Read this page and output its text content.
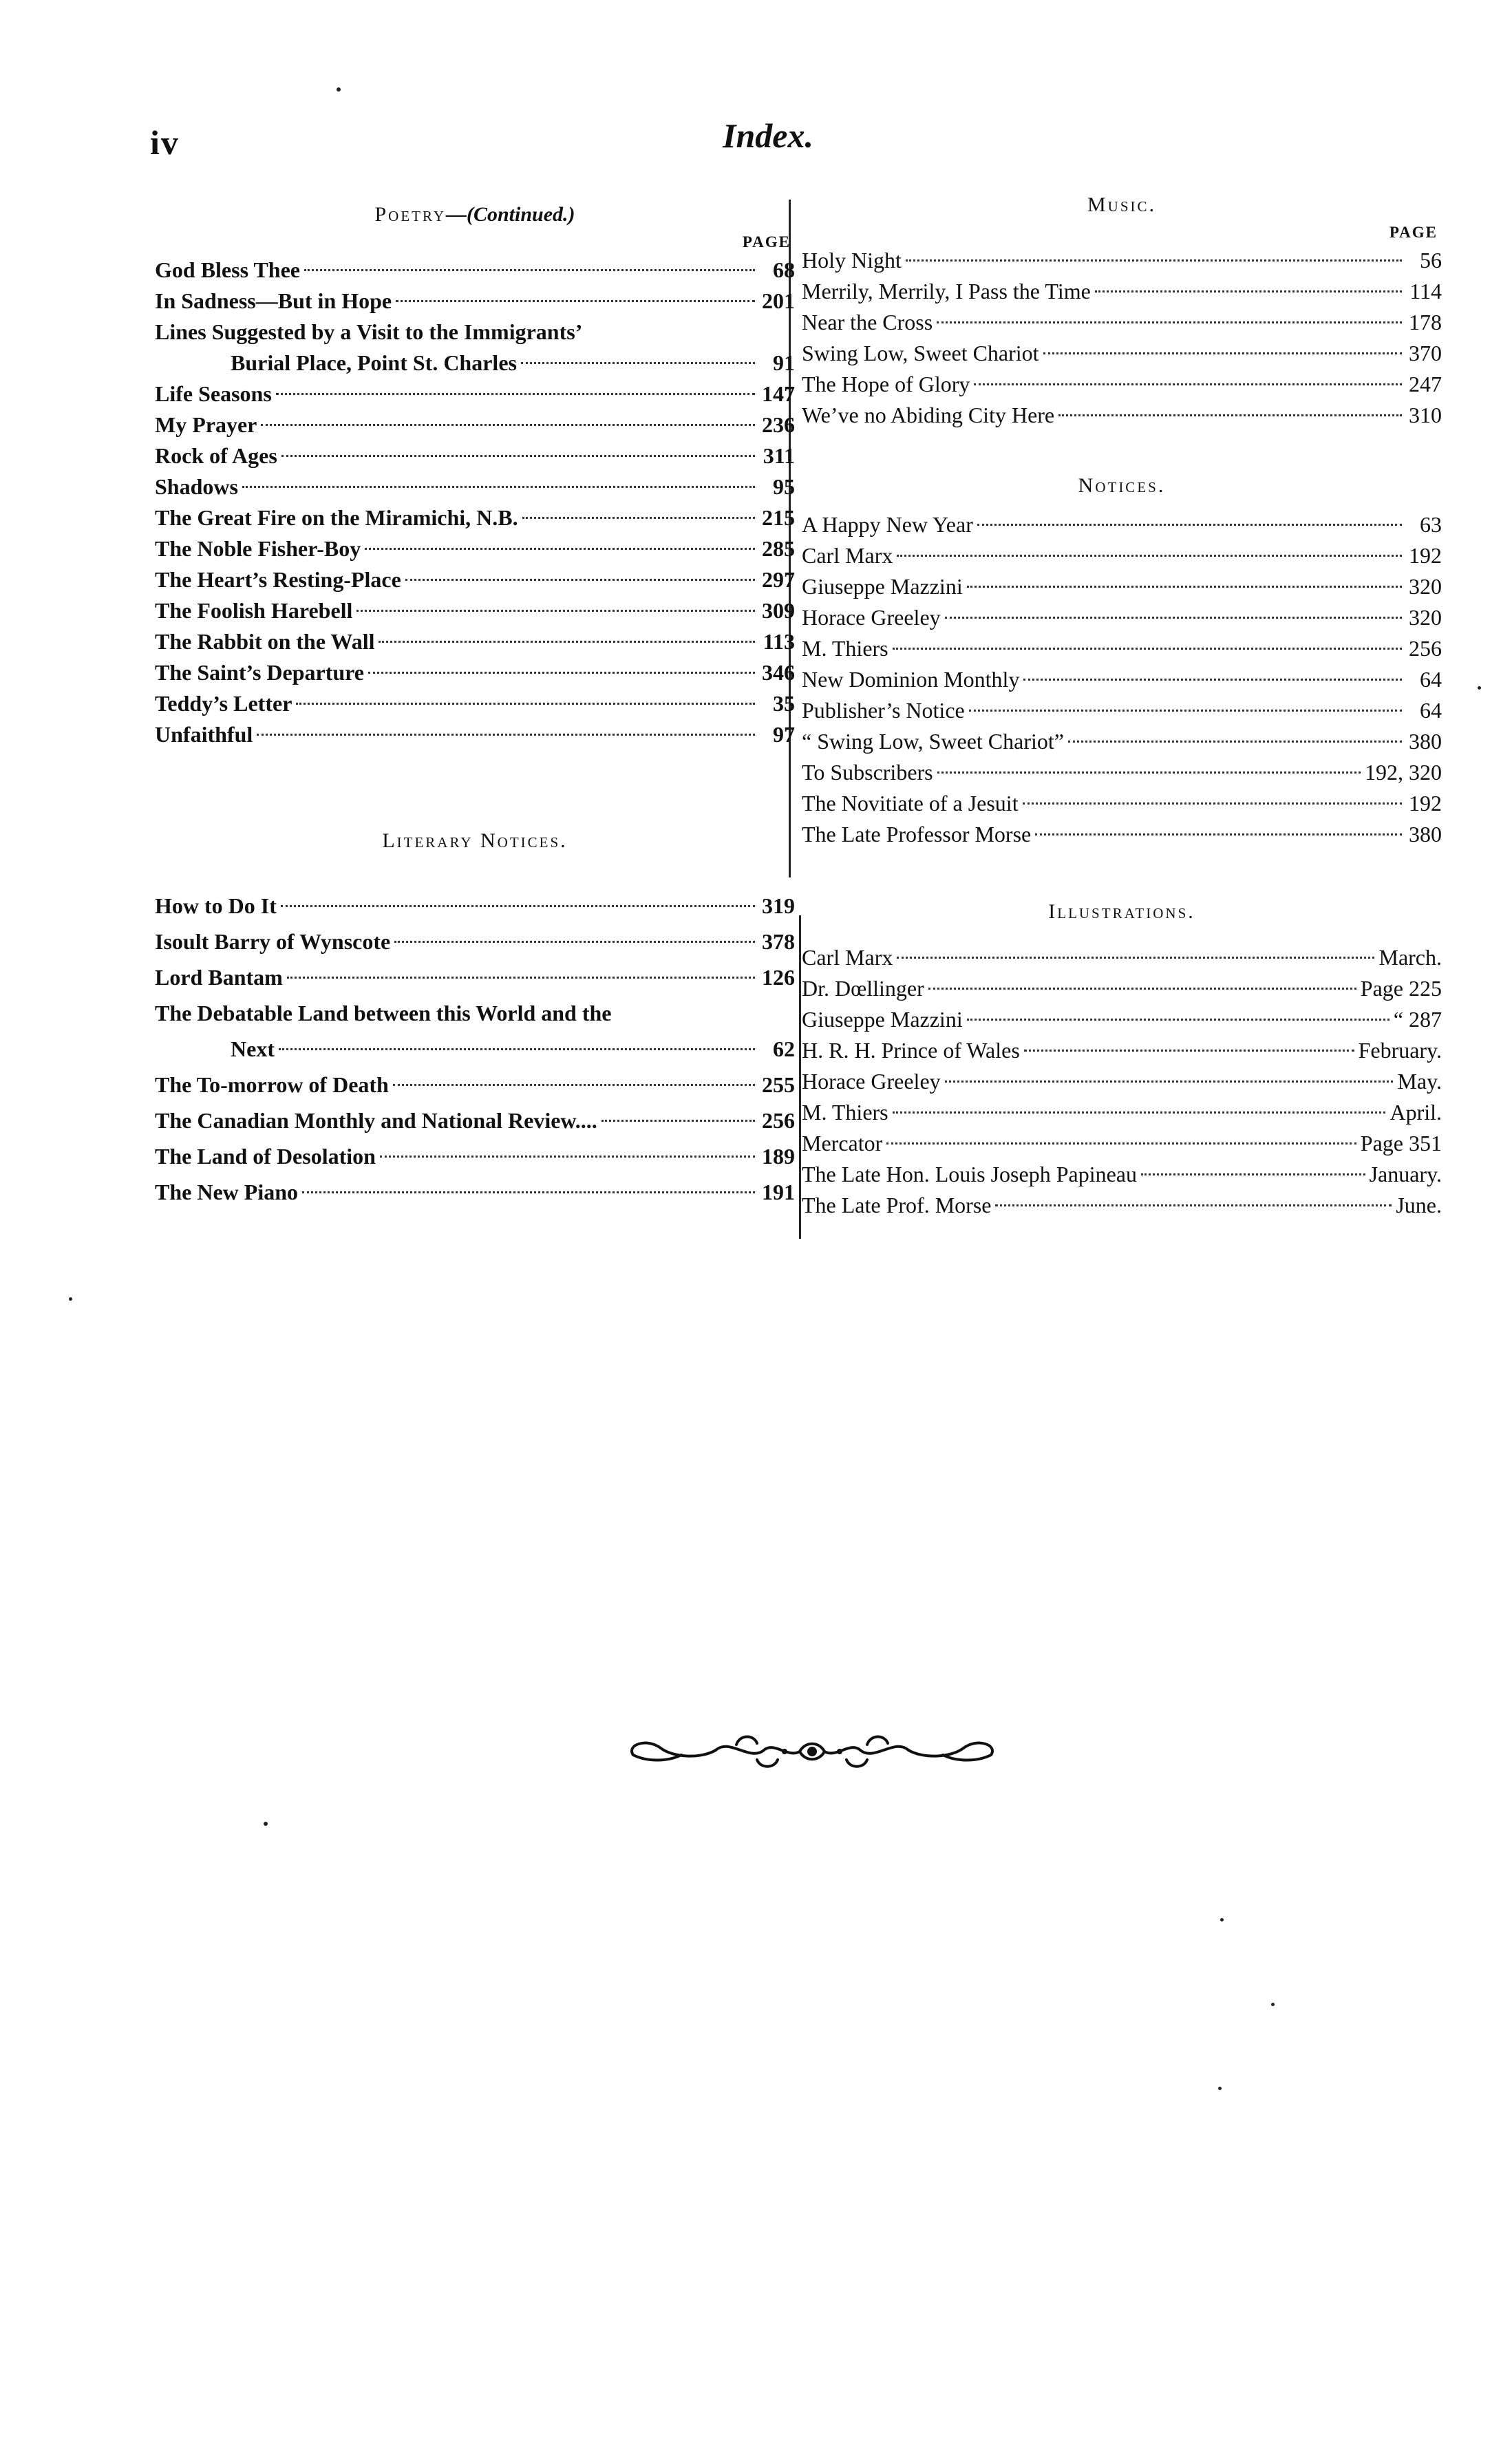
iv	Index.
Poetry—(Continued.)
PAGE
God Bless Thee	68
In Sadness—But in Hope	201
Lines Suggested by a Visit to the Immigrants’
Burial Place, Point St. Charles	91
Life Seasons	147
My Prayer	236
Rock of Ages	311
Shadows	95
The Great Fire on the Miramichi, N.B.	215
The Noble Fisher-Boy	285
The Heart’s Resting-Place	297
The Foolish Harebell	309
The Rabbit on the Wall	113
The Saint’s Departure	346
Teddy’s Letter	35
Unfaithful	97
Literary Notices.
How to Do It	319
Isoult Barry of Wynscote	378
Lord Bantam	126
The Debatable Land between this World and the
Next	62
The To-morrow of Death	255
The Canadian Monthly and National Review....	256
The Land of Desolation	189
The New Piano	191
Music.
PAGE
Holy Night	56
Merrily, Merrily, I Pass the Time	114
Near the Cross	178
Swing Low, Sweet Chariot	370
The Hope of Glory	247
We’ve no Abiding City Here	310
Notices.
A Happy New Year	63
Carl Marx	192
Giuseppe Mazzini	320
Horace Greeley	320
M. Thiers	256
New Dominion Monthly	64
Publisher’s Notice	64
“ Swing Low, Sweet Chariot”	380
To Subscribers	192, 320
The Novitiate of a Jesuit	192
The Late Professor Morse	380
Illustrations.
Carl Marx	March.
Dr. Dœllinger	Page 225
Giuseppe Mazzini	“ 287
H. R. H. Prince of Wales	February.
Horace Greeley	May.
M. Thiers	April.
Mercator	Page 351
The Late Hon. Louis Joseph Papineau	January.
The Late Prof. Morse	June.
